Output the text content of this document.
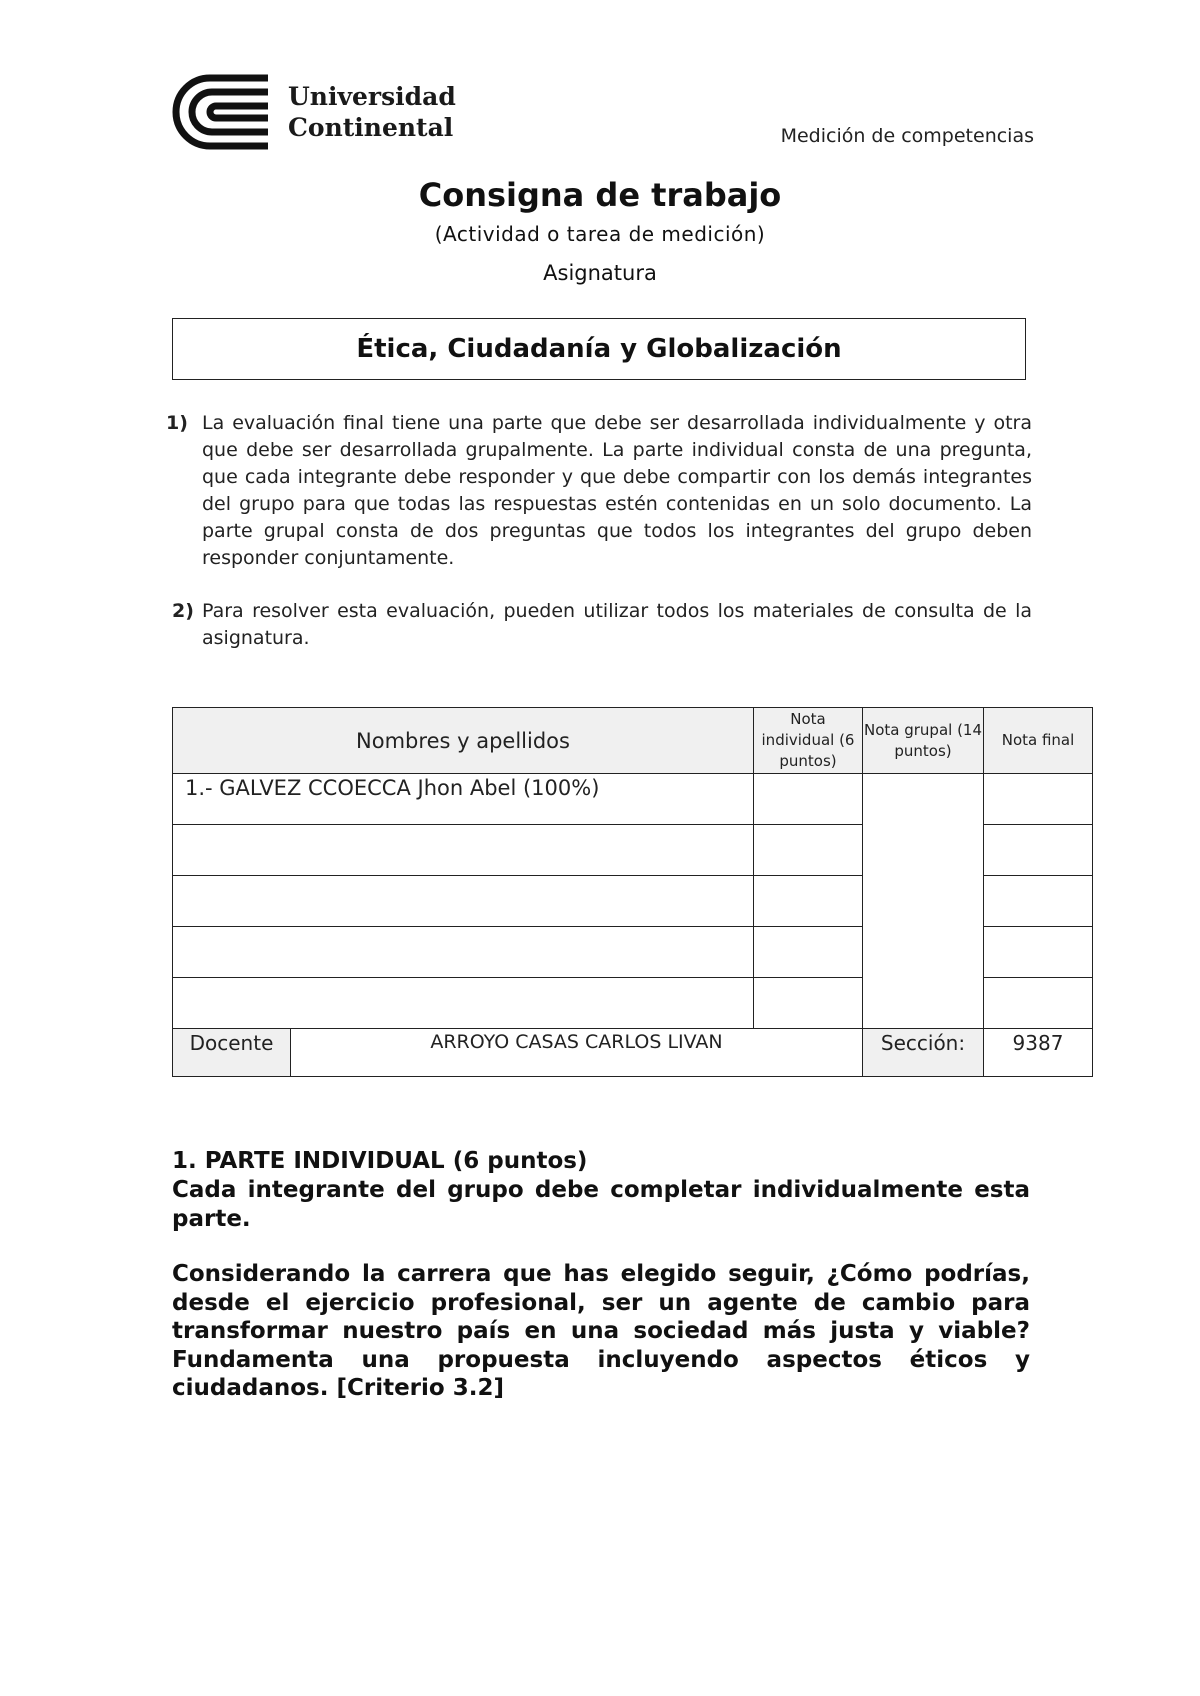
Universidad
Continental	Medición de competencias
Consigna de trabajo
(Actividad o tarea de medición)
Asignatura
Ética, Ciudadanía y Globalización
1) La evaluación final tiene una parte que debe ser desarrollada individualmente y otra que debe ser desarrollada grupalmente. La parte individual consta de una pregunta, que cada integrante debe responder y que debe compartir con los demás integrantes del grupo para que todas las respuestas estén contenidas en un solo documento. La parte grupal consta de dos preguntas que todos los integrantes del grupo deben responder conjuntamente.
2) Para resolver esta evaluación, pueden utilizar todos los materiales de consulta de la asignatura.
Nombres y apellidos		Nota individual (6 puntos)	Nota grupal (14 puntos)	Nota final
1.- GALVEZ CCOECCA Jhon Abel (100%)				

Docente	ARROYO CASAS CARLOS LIVAN		Sección:	9387
1. PARTE INDIVIDUAL (6 puntos)
Cada integrante del grupo debe completar individualmente esta parte.
Considerando la carrera que has elegido seguir, ¿Cómo podrías, desde el ejercicio profesional, ser un agente de cambio para transformar nuestro país en una sociedad más justa y viable? Fundamenta una propuesta incluyendo aspectos éticos y ciudadanos. [Criterio 3.2]
